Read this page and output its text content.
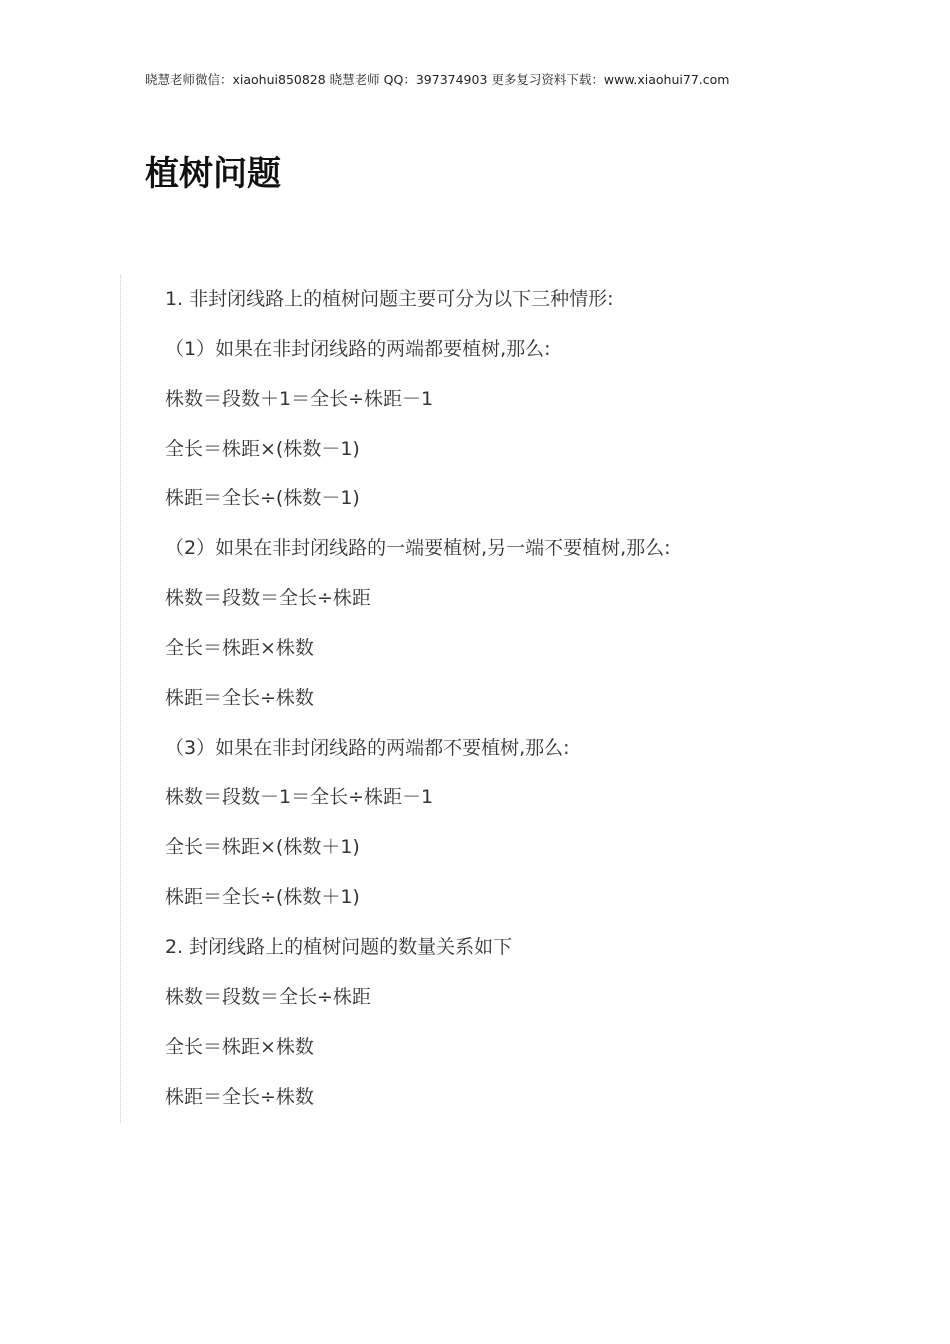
晓慧老师微信：xiaohui850828 晓慧老师 QQ：397374903 更多复习资料下载：www.xiaohui77.com
植树问题
1. 非封闭线路上的植树问题主要可分为以下三种情形:
（1）如果在非封闭线路的两端都要植树,那么:
株数＝段数＋1＝全长÷株距－1
全长＝株距×(株数－1)
株距＝全长÷(株数－1)
（2）如果在非封闭线路的一端要植树,另一端不要植树,那么:
株数＝段数＝全长÷株距
全长＝株距×株数
株距＝全长÷株数
（3）如果在非封闭线路的两端都不要植树,那么:
株数＝段数－1＝全长÷株距－1
全长＝株距×(株数＋1)
株距＝全长÷(株数＋1)
2. 封闭线路上的植树问题的数量关系如下
株数＝段数＝全长÷株距
全长＝株距×株数
株距＝全长÷株数
